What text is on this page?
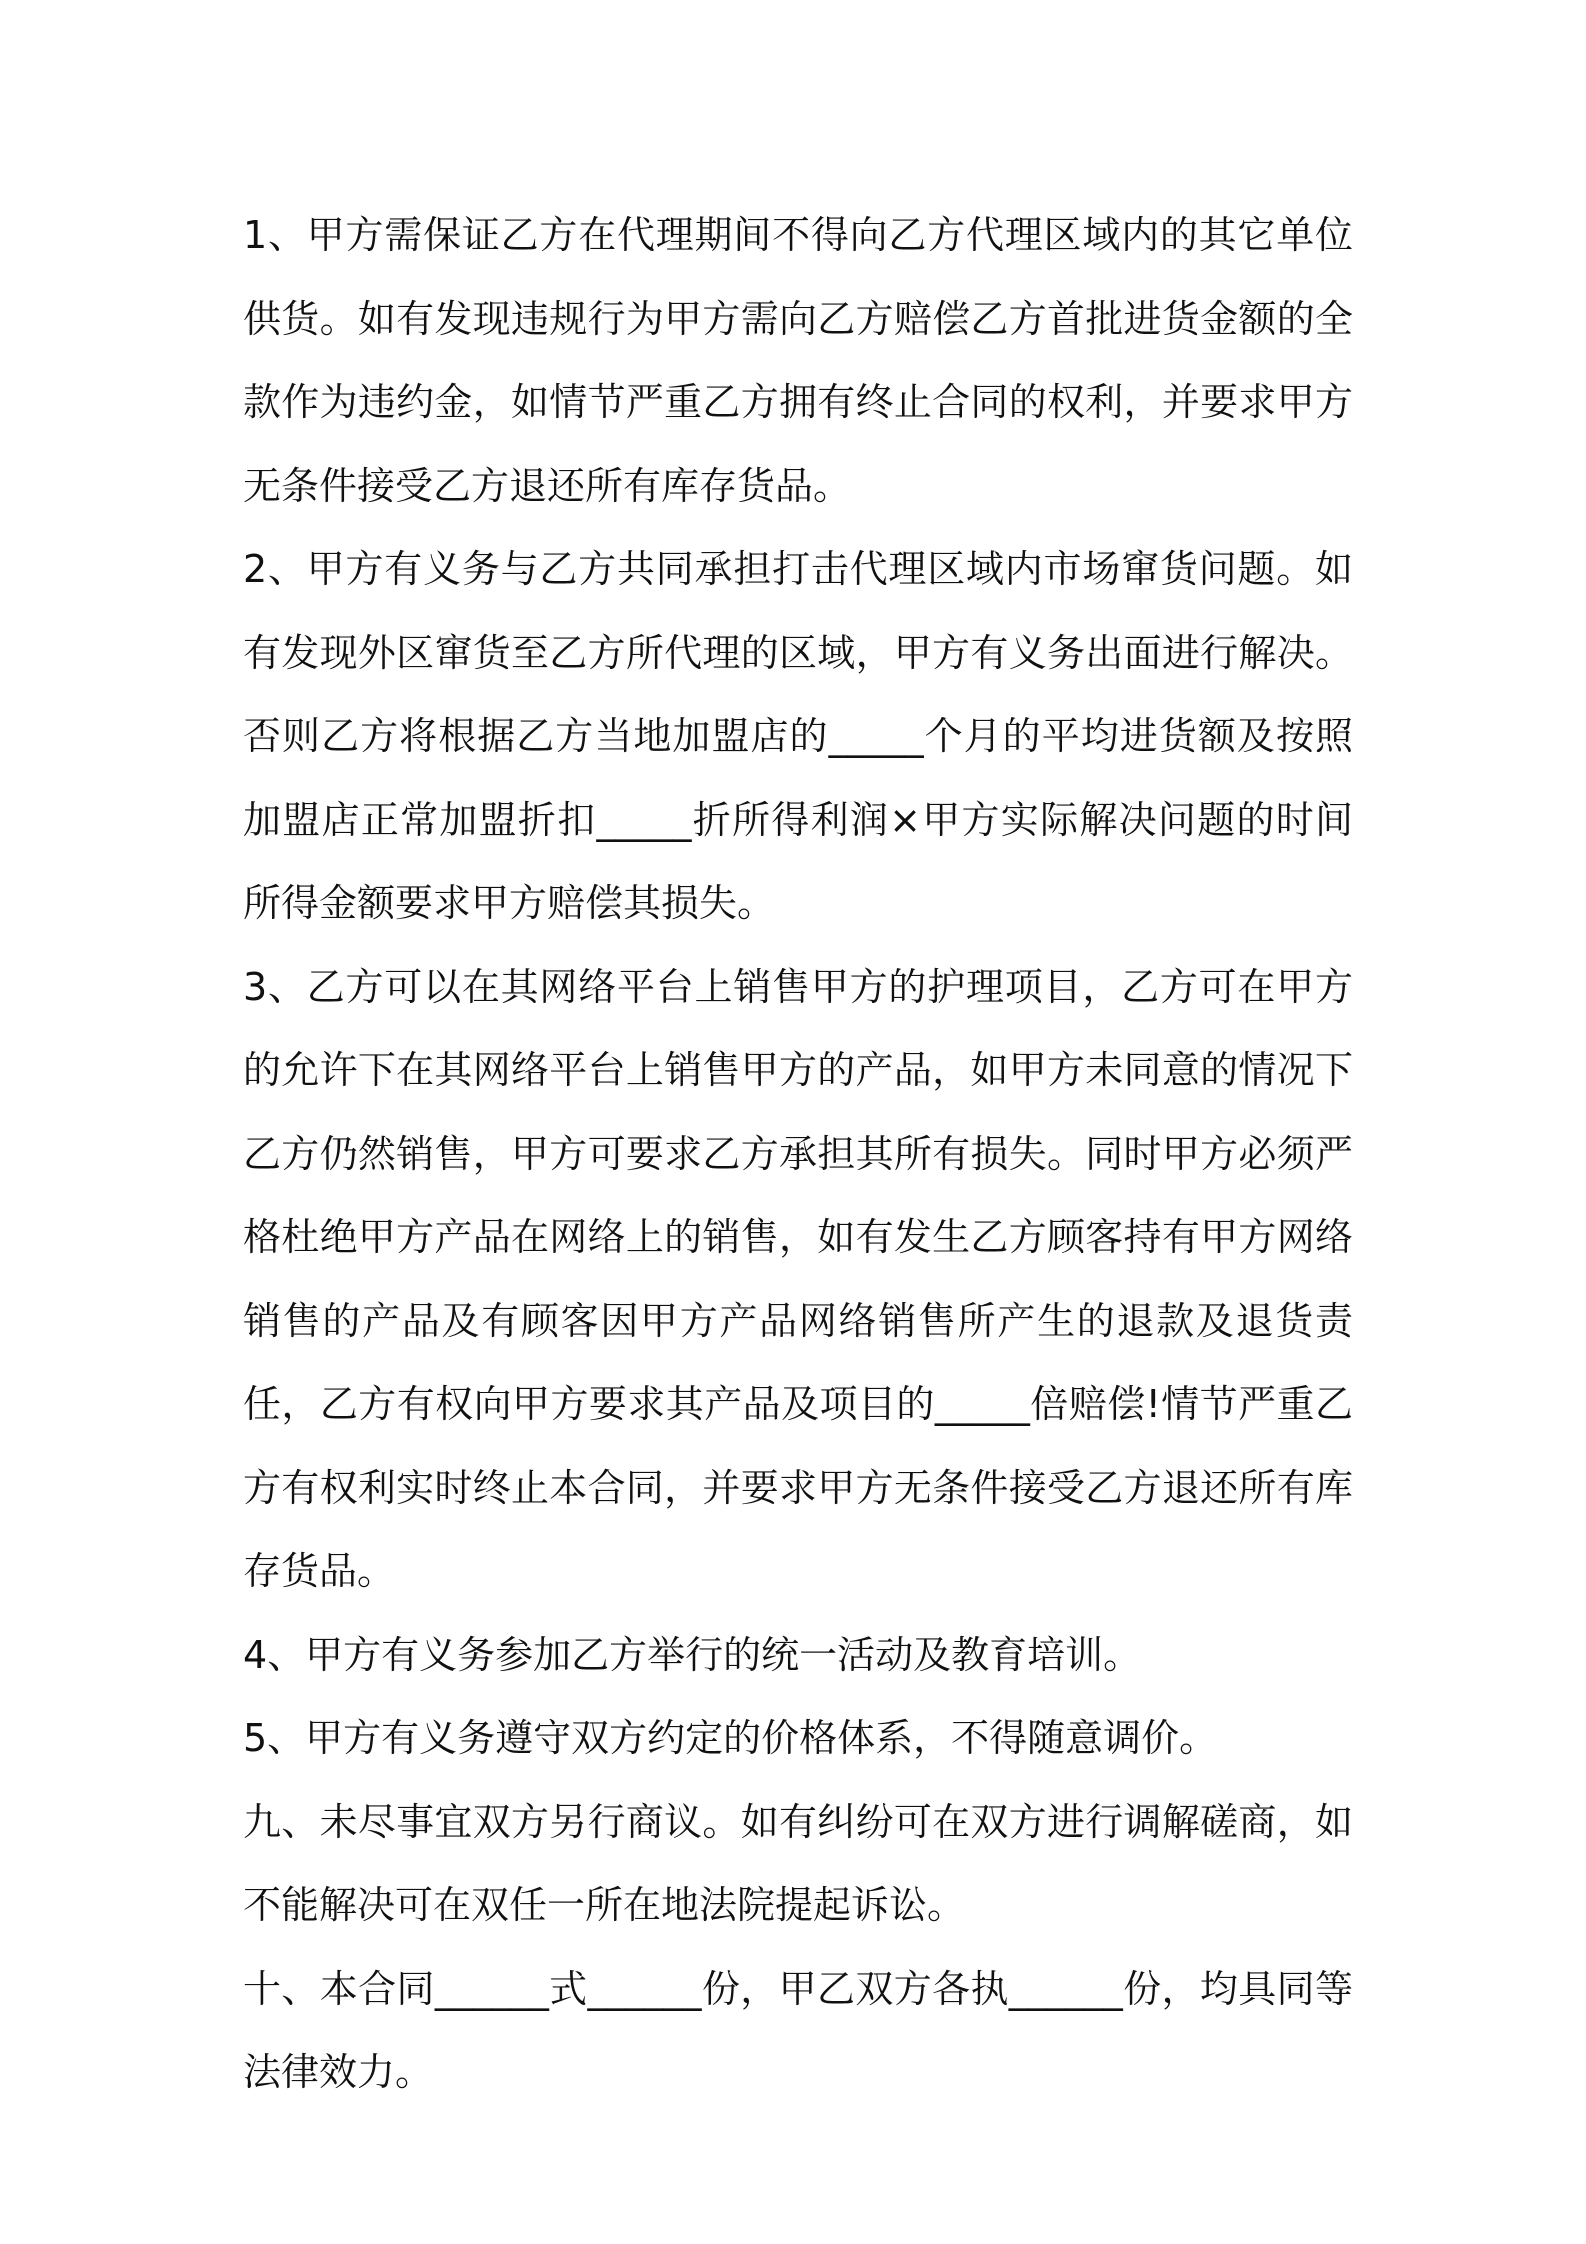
1、甲方需保证乙方在代理期间不得向乙方代理区域内的其它单位供货。如有发现违规行为甲方需向乙方赔偿乙方首批进货金额的全款作为违约金，如情节严重乙方拥有终止合同的权利，并要求甲方无条件接受乙方退还所有库存货品。

2、甲方有义务与乙方共同承担打击代理区域内市场窜货问题。如有发现外区窜货至乙方所代理的区域，甲方有义务出面进行解决。否则乙方将根据乙方当地加盟店的_____个月的平均进货额及按照加盟店正常加盟折扣_____折所得利润×甲方实际解决问题的时间所得金额要求甲方赔偿其损失。

3、乙方可以在其网络平台上销售甲方的护理项目，乙方可在甲方的允许下在其网络平台上销售甲方的产品，如甲方未同意的情况下乙方仍然销售，甲方可要求乙方承担其所有损失。同时甲方必须严格杜绝甲方产品在网络上的销售，如有发生乙方顾客持有甲方网络销售的产品及有顾客因甲方产品网络销售所产生的退款及退货责任，乙方有权向甲方要求其产品及项目的_____倍赔偿!情节严重乙方有权利实时终止本合同，并要求甲方无条件接受乙方退还所有库存货品。

4、甲方有义务参加乙方举行的统一活动及教育培训。

5、甲方有义务遵守双方约定的价格体系，不得随意调价。

九、未尽事宜双方另行商议。如有纠纷可在双方进行调解磋商，如不能解决可在双任一所在地法院提起诉讼。

十、本合同______式______份，甲乙双方各执______份，均具同等法律效力。
